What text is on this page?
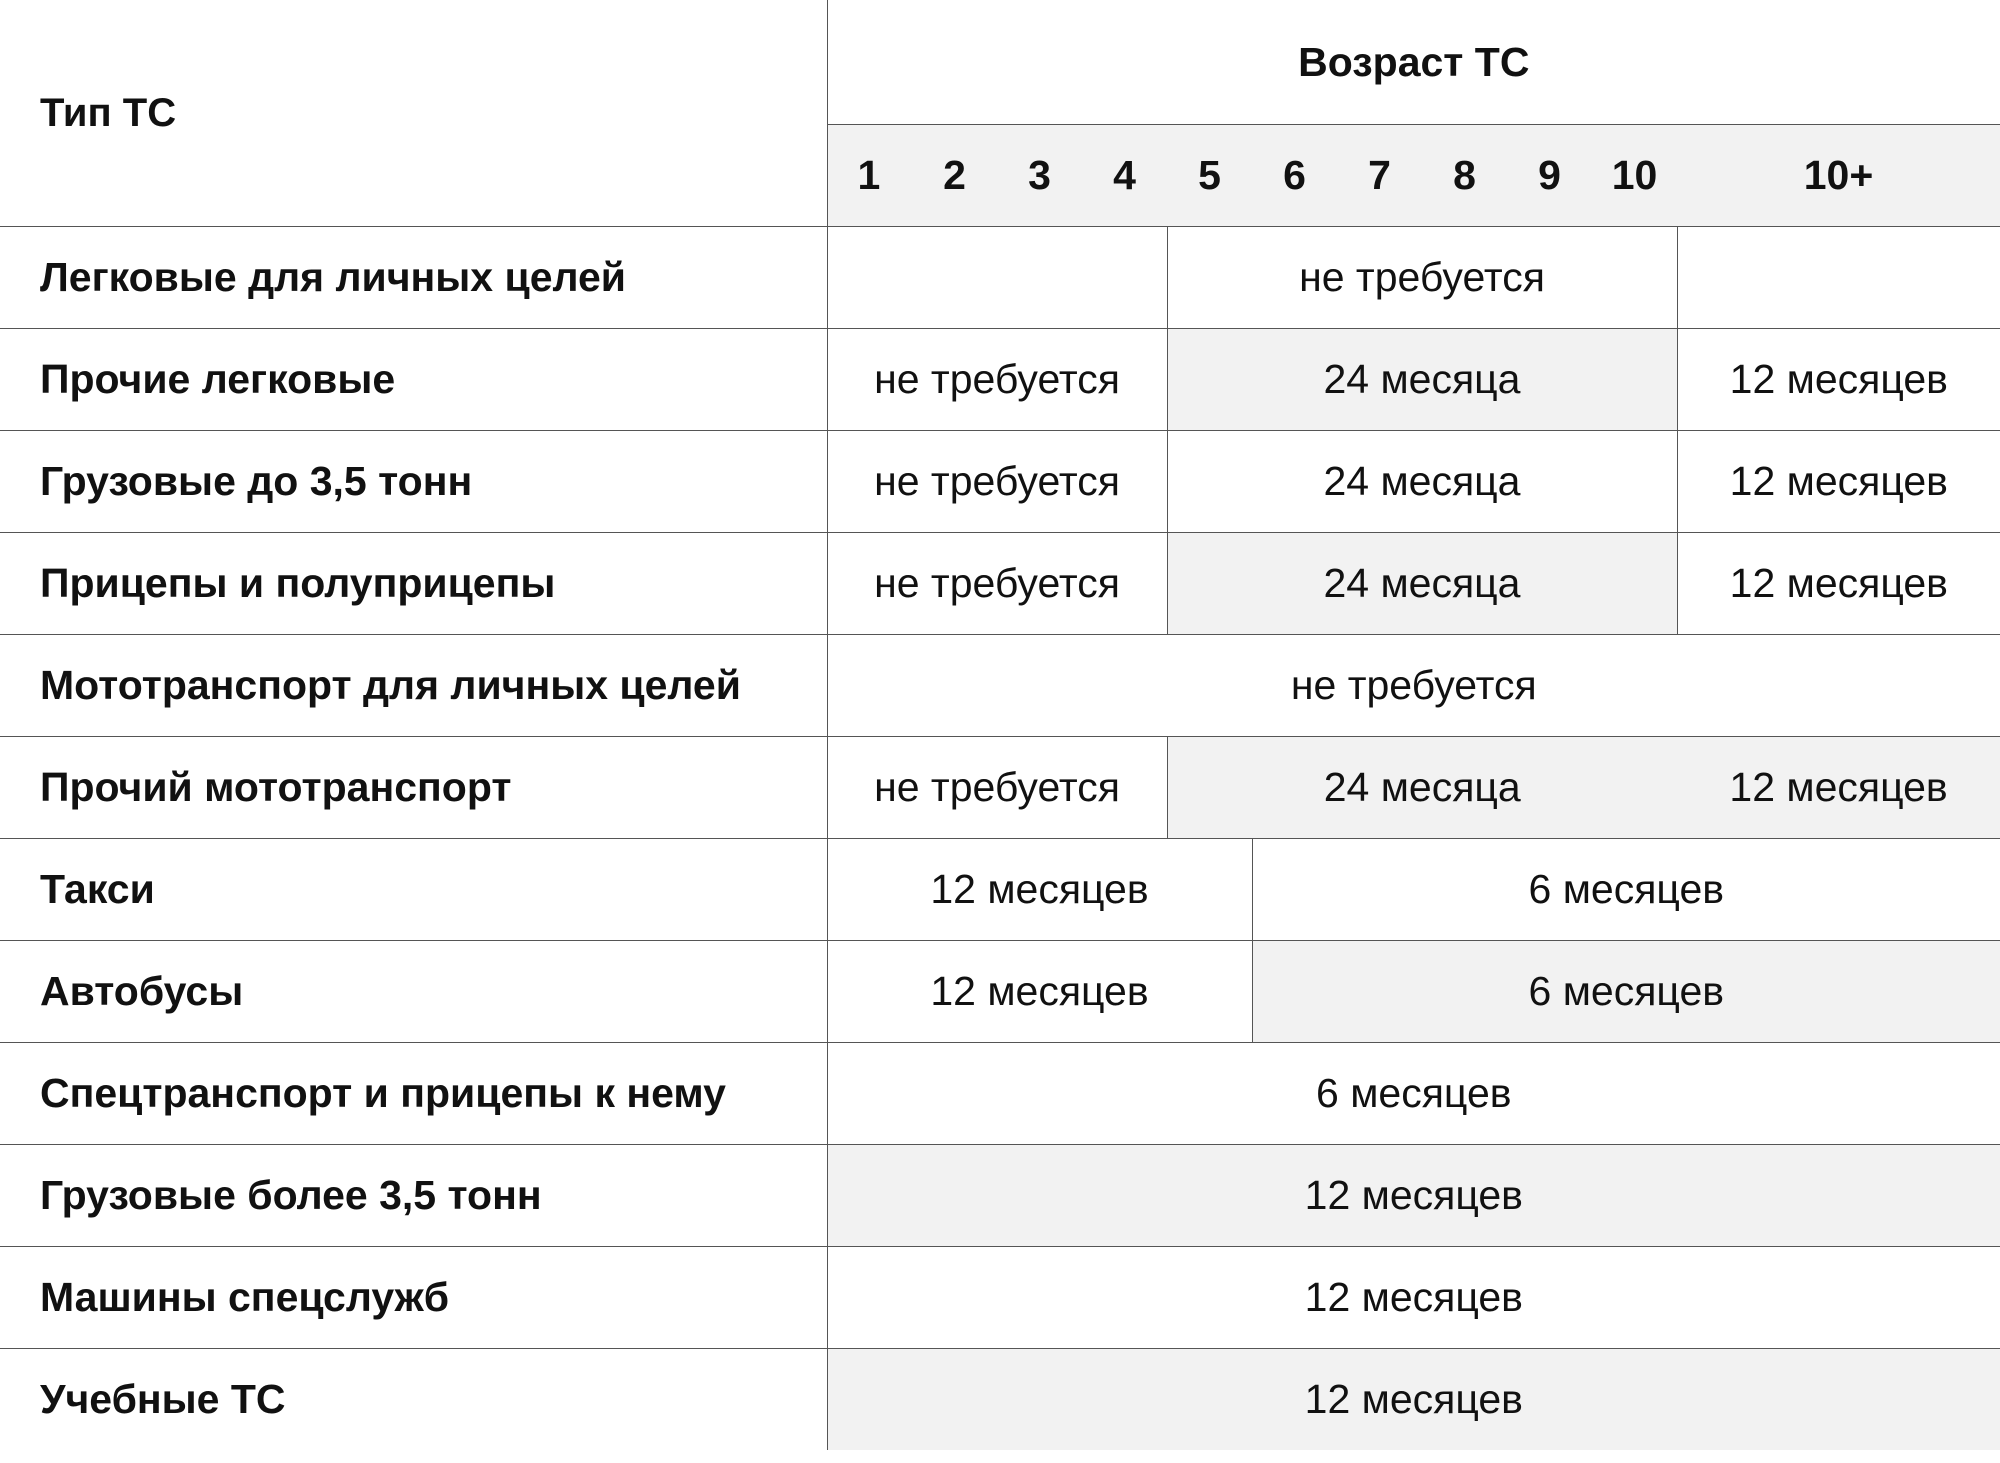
Тип ТС	Возраст ТС										
	1	2	3	4	5	6	7	8	9	10	10+
Легковые для личных целей					не требуется						
Прочие легковые	не требуется				24 месяца						12 месяцев
Грузовые до 3,5 тонн	не требуется				24 месяца						12 месяцев
Прицепы и полуприцепы	не требуется				24 месяца						12 месяцев
Мототранспорт для личных целей	не требуется										
Прочий мототранспорт	не требуется				24 месяца						12 месяцев
Такси	12 месяцев					6 месяцев					
Автобусы	12 месяцев					6 месяцев					
Спецтранспорт и прицепы к нему	6 месяцев										
Грузовые более 3,5 тонн	12 месяцев										
Машины спецслужб	12 месяцев										
Учебные ТС	12 месяцев										
